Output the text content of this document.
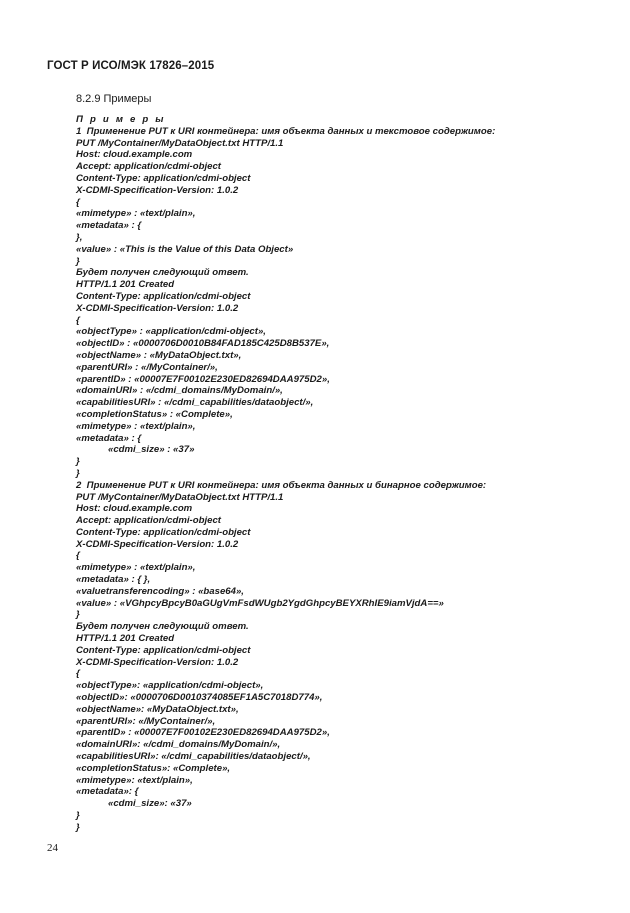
ГОСТ Р ИСО/МЭК 17826–2015
8.2.9 Примеры
П р и м е р ы
1  Применение PUT к URI контейнера: имя объекта данных и текстовое содержимое:
PUT /MyContainer/MyDataObject.txt HTTP/1.1
Host: cloud.example.com
Accept: application/cdmi-object
Content-Type: application/cdmi-object
X-CDMI-Specification-Version: 1.0.2
{
«mimetype» : «text/plain»,
«metadata» : {
},
«value» : «This is the Value of this Data Object»
}
Будет получен следующий ответ.
HTTP/1.1 201 Created
Content-Type: application/cdmi-object
X-CDMI-Specification-Version: 1.0.2
{
«objectType» : «application/cdmi-object»,
«objectID» : «0000706D0010B84FAD185C425D8B537E»,
«objectName» : «MyDataObject.txt»,
«parentURI» : «/MyContainer/»,
«parentID» : «00007E7F00102E230ED82694DAA975D2»,
«domainURI» : «/cdmi_domains/MyDomain/»,
«capabilitiesURI» : «/cdmi_capabilities/dataobject/»,
«completionStatus» : «Complete»,
«mimetype» : «text/plain»,
«metadata» : {
«cdmi_size» : «37»
}
}
2  Применение PUT к URI контейнера: имя объекта данных и бинарное содержимое:
PUT /MyContainer/MyDataObject.txt HTTP/1.1
Host: cloud.example.com
Accept: application/cdmi-object
Content-Type: application/cdmi-object
X-CDMI-Specification-Version: 1.0.2
{
«mimetype» : «text/plain»,
«metadata» : { },
«valuetransferencoding» : «base64»,
«value» : «VGhpcyBpcyB0aGUgVmFsdWUgb2YgdGhpcyBEYXRhIE9iamVjdA==»
}
Будет получен следующий ответ.
HTTP/1.1 201 Created
Content-Type: application/cdmi-object
X-CDMI-Specification-Version: 1.0.2
{
«objectType»: «application/cdmi-object»,
«objectID»: «0000706D0010374085EF1A5C7018D774»,
«objectName»: «MyDataObject.txt»,
«parentURI»: «/MyContainer/»,
«parentID» : «00007E7F00102E230ED82694DAA975D2»,
«domainURI»: «/cdmi_domains/MyDomain/»,
«capabilitiesURI»: «/cdmi_capabilities/dataobject/»,
«completionStatus»: «Complete»,
«mimetype»: «text/plain»,
«metadata»: {
«cdmi_size»: «37»
}
}
24
